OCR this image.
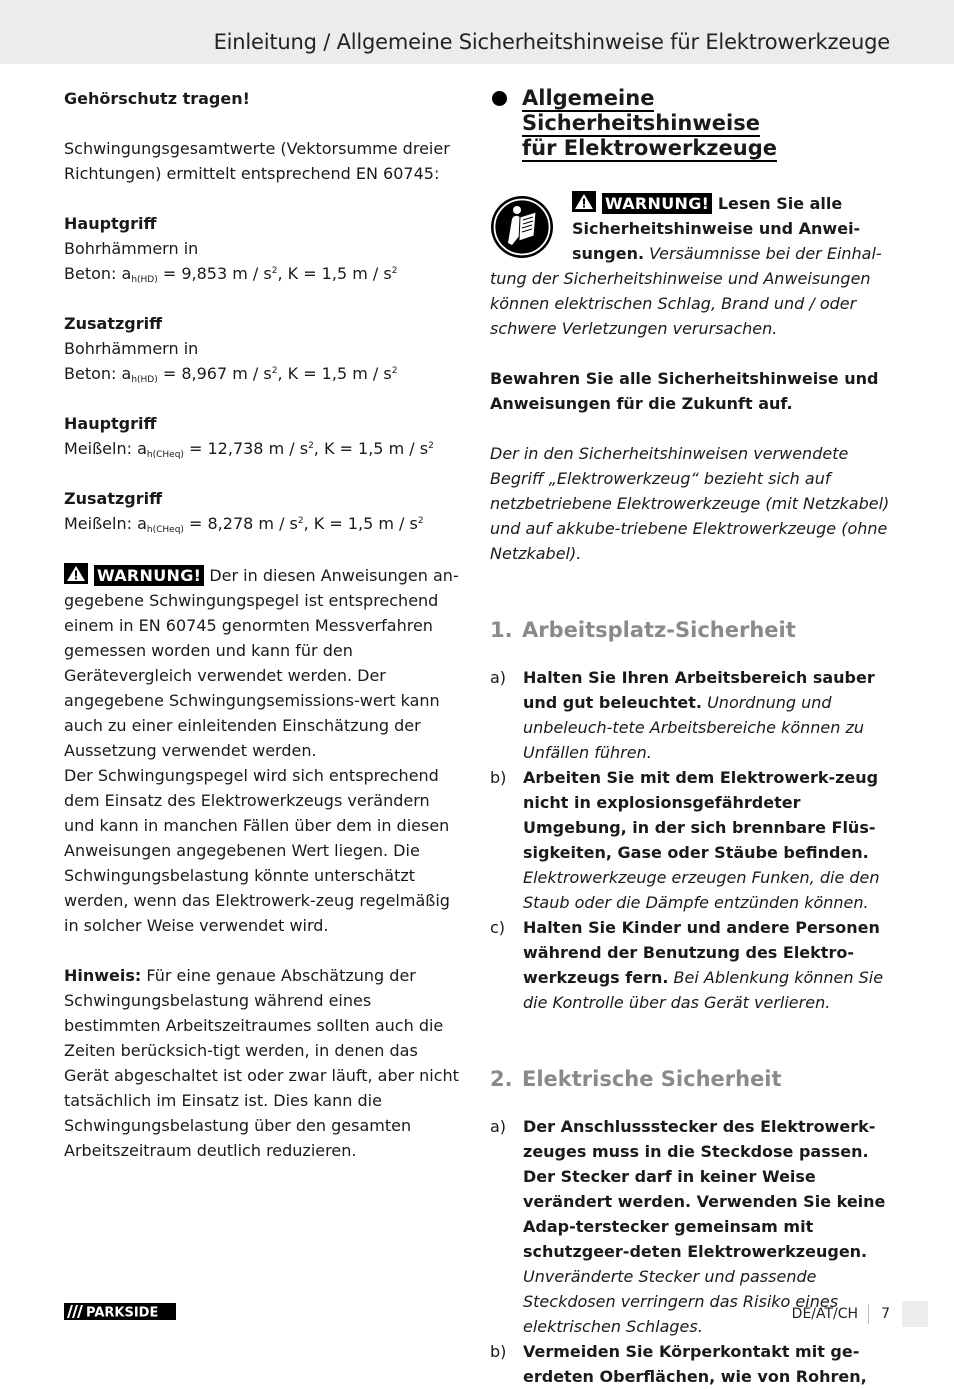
Einleitung / Allgemeine Sicherheitshinweise für Elektrowerkzeuge

Gehörschutz tragen!

Schwingungsgesamtwerte (Vektorsumme dreier Richtungen) ermittelt entsprechend EN 60745:

Hauptgriff

Bohrhämmern in

Beton: $a_{h(HD)} = 9,853$ m / $s^2$, K = 1,5 m / $s^2$

Zusatzgriff

Bohrhämmern in

Beton: $a_{h(HD)} = 8,967$ m / $s^2$, K = 1,5 m / $s^2$

Hauptgriff

Meißeln: $a_{h(CHeq)} = 12,738$ m / $s^2$, K = 1,5 m / $s^2$

Zusatzgriff

Meißeln: $a_{h(CHeq)} = 8,278$ m / $s^2$, K = 1,5 m / $s^2$

WARNUNG! Der in diesen Anweisungen an-gegebene Schwingungspegel ist entsprechend einem in EN 60745 genormten Messverfahren gemessen worden und kann für den Gerätevergleich verwendet werden. Der angegebene Schwingungsemissions-wert kann auch zu einer einleitenden Einschätzung der Aussetzung verwendet werden.

Der Schwingungspegel wird sich entsprechend dem Einsatz des Elektrowerkzeugs verändern und kann in manchen Fällen über dem in diesen Anweisungen angegebenen Wert liegen. Die Schwingungsbelastung könnte unterschätzt werden, wenn das Elektrowerk-zeug regelmäßig in solcher Weise verwendet wird.

Hinweis: Für eine genaue Abschätzung der Schwingungsbelastung während eines bestimmten Arbeitszeitraumes sollten auch die Zeiten berücksich-tigt werden, in denen das Gerät abgeschaltet ist oder zwar läuft, aber nicht tatsächlich im Einsatz ist. Dies kann die Schwingungsbelastung über den gesamten Arbeitszeitraum deutlich reduzieren.

Allgemeine Sicherheitshinweise
für Elektrowerkzeuge

WARNUNG! Lesen Sie alle Sicherheitshinweise und Anwei-sungen. Versäumnisse bei der Einhal-tung der Sicherheitshinweise und Anweisungen können elektrischen Schlag, Brand und / oder schwere Verletzungen verursachen.

Bewahren Sie alle Sicherheitshinweise und Anweisungen für die Zukunft auf.

Der in den Sicherheitshinweisen verwendete Begriff „Elektrowerkzeug“ bezieht sich auf netzbetriebene Elektrowerkzeuge (mit Netzkabel) und auf akkube-triebene Elektrowerkzeuge (ohne Netzkabel).

1. Arbeitsplatz-Sicherheit
a) Halten Sie Ihren Arbeitsbereich sauber und gut beleuchtet. Unordnung und unbeleuch-tete Arbeitsbereiche können zu Unfällen führen.
b) Arbeiten Sie mit dem Elektrowerk-zeug nicht in explosionsgefährdeter Umgebung, in der sich brennbare Flüs-sigkeiten, Gase oder Stäube befinden. Elektrowerkzeuge erzeugen Funken, die den Staub oder die Dämpfe entzünden können.
c) Halten Sie Kinder und andere Personen während der Benutzung des Elektro-werkzeugs fern. Bei Ablenkung können Sie die Kontrolle über das Gerät verlieren.
2. Elektrische Sicherheit
a) Der Anschlussstecker des Elektrowerk-zeuges muss in die Steckdose passen. Der Stecker darf in keiner Weise verändert werden. Verwenden Sie keine Adap-terstecker gemeinsam mit schutzgeer-deten Elektrowerkzeugen. Unveränderte Stecker und passende Steckdosen verringern das Risiko eines elektrischen Schlages.
b) Vermeiden Sie Körperkontakt mit ge-erdeten Oberflächen, wie von Rohren,
PARKSIDE	DE/AT/CH	7
